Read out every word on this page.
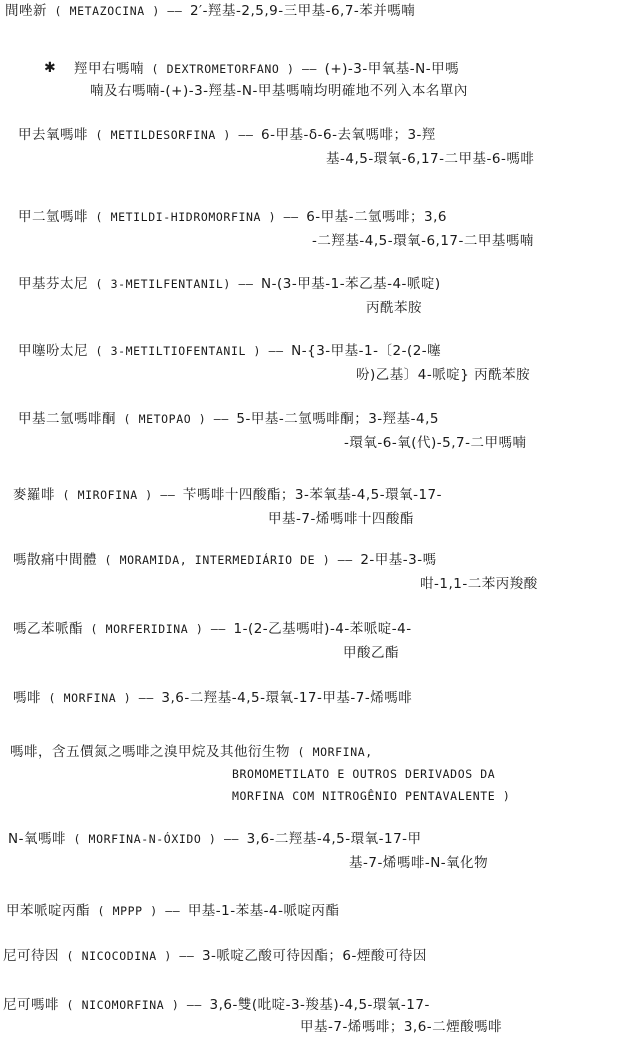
間唑新 ( METAZOCINA ) —— 2′-羥基-2,5,9-三甲基-6,7-苯并嗎喃
✱ 羥甲右嗎喃 ( DEXTROMETORFANO ) —— (+)-3-甲氧基-N-甲嗎
喃及右嗎喃-(+)-3-羥基-N-甲基嗎喃均明確地不列入本名單內
甲去氧嗎啡 ( METILDESORFINA ) —— 6-甲基-δ-6-去氧嗎啡；3-羥
基-4,5-環氧-6,17-二甲基-6-嗎啡
甲二氫嗎啡 ( METILDI-HIDROMORFINA ) —— 6-甲基-二氫嗎啡；3,6
-二羥基-4,5-環氧-6,17-二甲基嗎喃
甲基芬太尼 ( 3-METILFENTANIL) —— N-(3-甲基-1-苯乙基-4-哌啶)
丙酰苯胺
甲噻吩太尼 ( 3-METILTIOFENTANIL ) —— N-{3-甲基-1-〔2-(2-噻
吩)乙基〕4-哌啶} 丙酰苯胺
甲基二氫嗎啡酮 ( METOPAO ) —— 5-甲基-二氫嗎啡酮；3-羥基-4,5
-環氧-6-氧(代)-5,7-二甲嗎喃
麥羅啡 ( MIROFINA ) —— 苄嗎啡十四酸酯；3-苯氧基-4,5-環氧-17-
甲基-7-烯嗎啡十四酸酯
嗎散痛中間體 ( MORAMIDA, INTERMEDIÁRIO DE ) —— 2-甲基-3-嗎
咁-1,1-二苯丙羧酸
嗎乙苯哌酯 ( MORFERIDINA ) —— 1-(2-乙基嗎咁)-4-苯哌啶-4-
甲酸乙酯
嗎啡 ( MORFINA ) —— 3,6-二羥基-4,5-環氧-17-甲基-7-烯嗎啡
嗎啡，含五價氮之嗎啡之溴甲烷及其他衍生物 ( MORFINA,
BROMOMETILATO E OUTROS DERIVADOS DA
MORFINA COM NITROGÊNIO PENTAVALENTE )
N-氧嗎啡 ( MORFINA-N-ÓXIDO ) —— 3,6-二羥基-4,5-環氧-17-甲
基-7-烯嗎啡-N-氧化物
甲苯哌啶丙酯 ( MPPP ) —— 甲基-1-苯基-4-哌啶丙酯
尼可待因 ( NICOCODINA ) —— 3-哌啶乙酸可待因酯；6-煙酸可待因
尼可嗎啡 ( NICOMORFINA ) —— 3,6-雙(吡啶-3-羧基)-4,5-環氧-17-
甲基-7-烯嗎啡；3,6-二煙酸嗎啡
